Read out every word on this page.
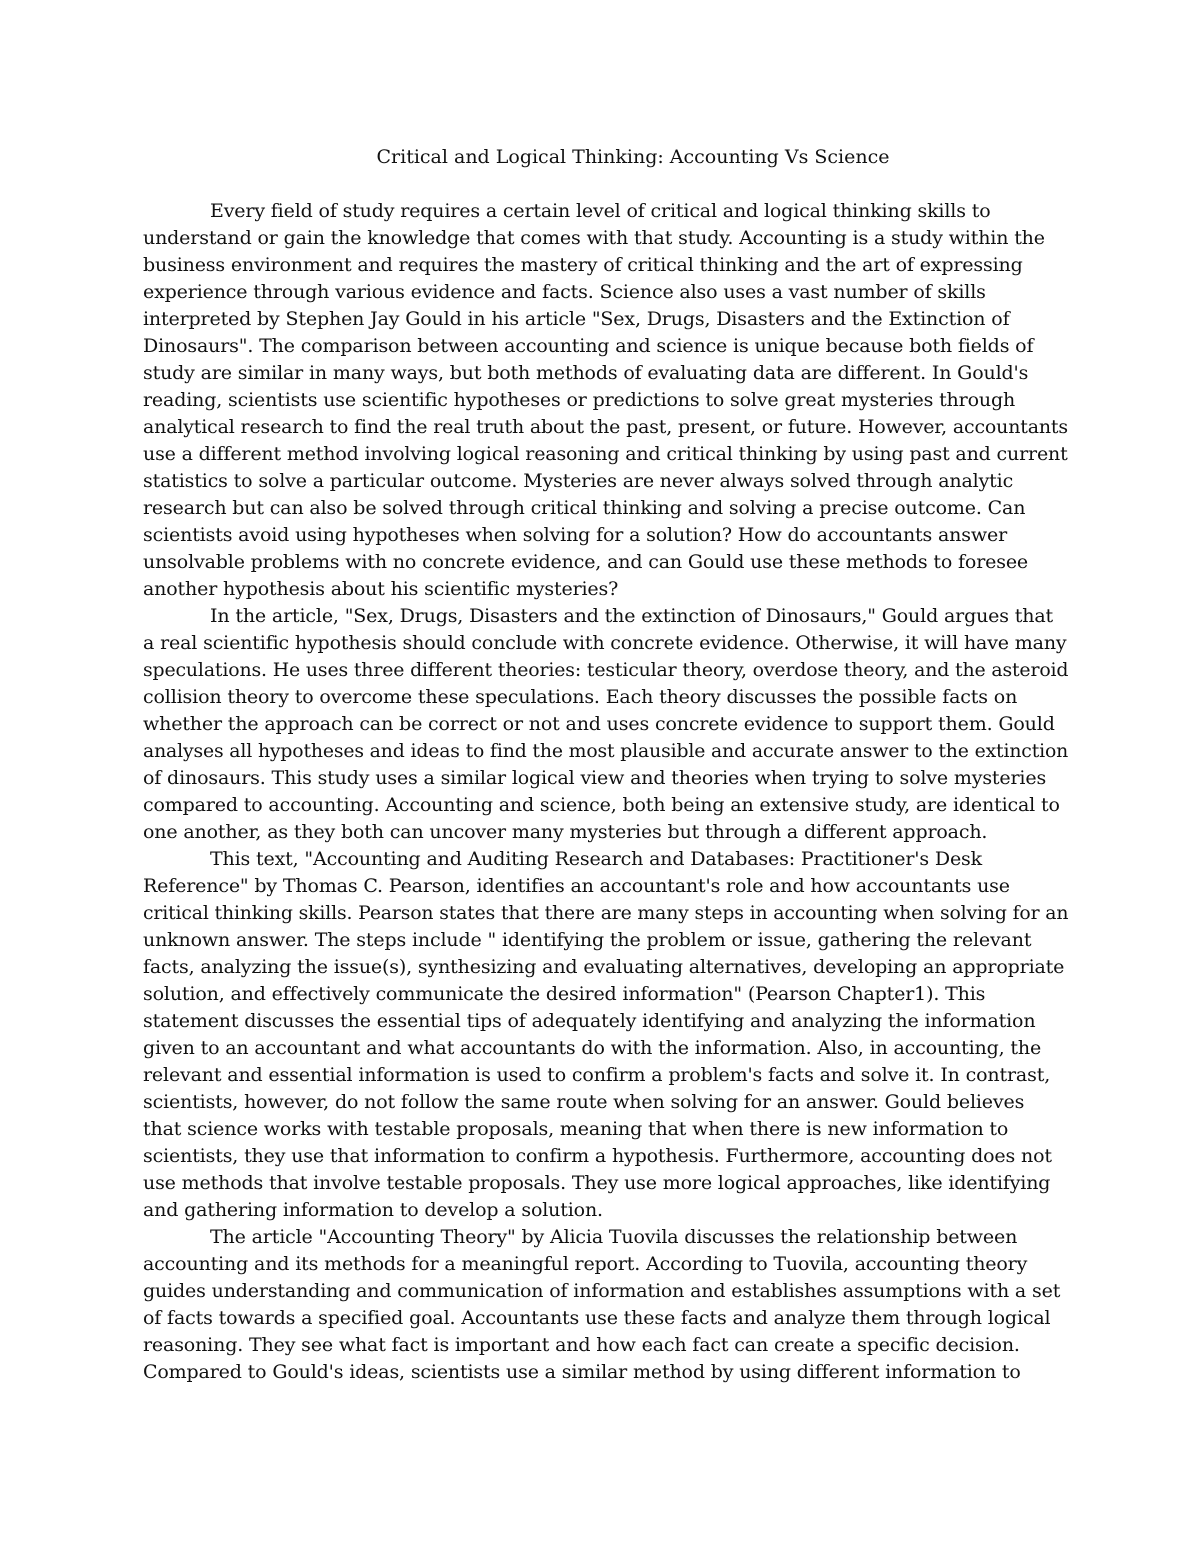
Critical and Logical Thinking: Accounting Vs Science
Every field of study requires a certain level of critical and logical thinking skills to
understand or gain the knowledge that comes with that study. Accounting is a study within the
business environment and requires the mastery of critical thinking and the art of expressing
experience through various evidence and facts. Science also uses a vast number of skills
interpreted by Stephen Jay Gould in his article "Sex, Drugs, Disasters and the Extinction of
Dinosaurs". The comparison between accounting and science is unique because both fields of
study are similar in many ways, but both methods of evaluating data are different. In Gould's
reading, scientists use scientific hypotheses or predictions to solve great mysteries through
analytical research to find the real truth about the past, present, or future. However, accountants
use a different method involving logical reasoning and critical thinking by using past and current
statistics to solve a particular outcome. Mysteries are never always solved through analytic
research but can also be solved through critical thinking and solving a precise outcome. Can
scientists avoid using hypotheses when solving for a solution? How do accountants answer
unsolvable problems with no concrete evidence, and can Gould use these methods to foresee
another hypothesis about his scientific mysteries?
In the article, "Sex, Drugs, Disasters and the extinction of Dinosaurs," Gould argues that
a real scientific hypothesis should conclude with concrete evidence. Otherwise, it will have many
speculations. He uses three different theories: testicular theory, overdose theory, and the asteroid
collision theory to overcome these speculations. Each theory discusses the possible facts on
whether the approach can be correct or not and uses concrete evidence to support them. Gould
analyses all hypotheses and ideas to find the most plausible and accurate answer to the extinction
of dinosaurs. This study uses a similar logical view and theories when trying to solve mysteries
compared to accounting. Accounting and science, both being an extensive study, are identical to
one another, as they both can uncover many mysteries but through a different approach.
This text, "Accounting and Auditing Research and Databases: Practitioner's Desk
Reference" by Thomas C. Pearson, identifies an accountant's role and how accountants use
critical thinking skills. Pearson states that there are many steps in accounting when solving for an
unknown answer. The steps include " identifying the problem or issue, gathering the relevant
facts, analyzing the issue(s), synthesizing and evaluating alternatives, developing an appropriate
solution, and effectively communicate the desired information" (Pearson Chapter1). This
statement discusses the essential tips of adequately identifying and analyzing the information
given to an accountant and what accountants do with the information. Also, in accounting, the
relevant and essential information is used to confirm a problem's facts and solve it. In contrast,
scientists, however, do not follow the same route when solving for an answer. Gould believes
that science works with testable proposals, meaning that when there is new information to
scientists, they use that information to confirm a hypothesis. Furthermore, accounting does not
use methods that involve testable proposals. They use more logical approaches, like identifying
and gathering information to develop a solution.
The article "Accounting Theory" by Alicia Tuovila discusses the relationship between
accounting and its methods for a meaningful report. According to Tuovila, accounting theory
guides understanding and communication of information and establishes assumptions with a set
of facts towards a specified goal. Accountants use these facts and analyze them through logical
reasoning. They see what fact is important and how each fact can create a specific decision.
Compared to Gould's ideas, scientists use a similar method by using different information to
